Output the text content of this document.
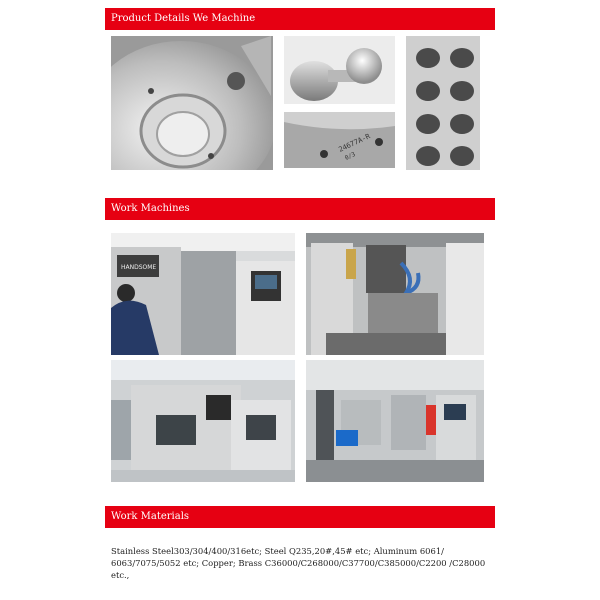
Product Details We Machine
24677A-R
0/3
Work Machines
HANDSOME
Work Materials
Stainless Steel303/304/400/316etc; Steel Q235,20#,45# etc; Aluminum 6061/ 6063/7075/5052 etc; Copper; Brass C36000/C268000/C37700/C385000/C2200 /C28000 etc.,
